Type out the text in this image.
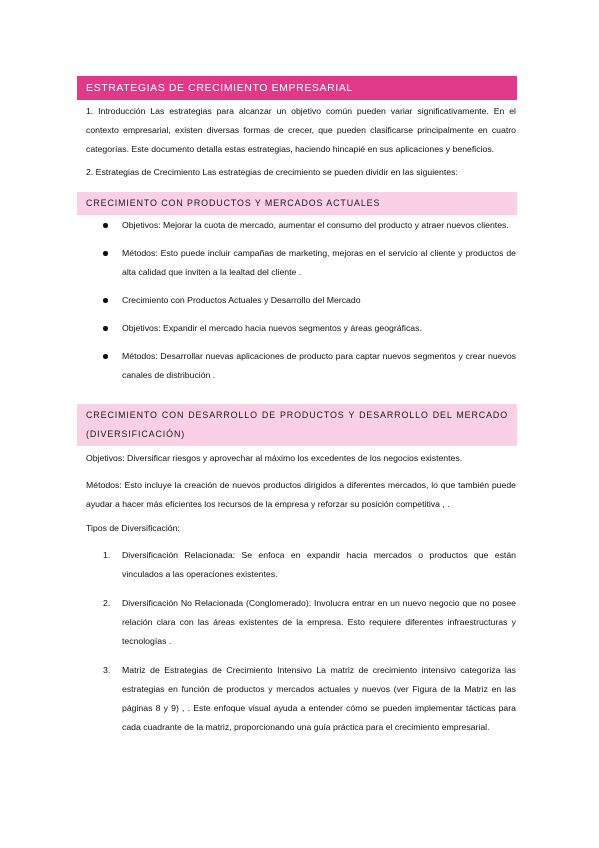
ESTRATEGIAS DE CRECIMIENTO EMPRESARIAL
1. Introducción Las estrategias para alcanzar un objetivo común pueden variar significativamente. En el contexto empresarial, existen diversas formas de crecer, que pueden clasificarse principalmente en cuatro categorías. Este documento detalla estas estrategias, haciendo hincapié en sus aplicaciones y beneficios.
2. Estrategias de Crecimiento Las estrategias de crecimiento se pueden dividir en las siguientes:
CRECIMIENTO CON PRODUCTOS Y MERCADOS ACTUALES
Objetivos: Mejorar la cuota de mercado, aumentar el consumo del producto y atraer nuevos clientes.
Métodos: Esto puede incluir campañas de marketing, mejoras en el servicio al cliente y productos de alta calidad que inviten a la lealtad del cliente .
Crecimiento con Productos Actuales y Desarrollo del Mercado
Objetivos: Expandir el mercado hacia nuevos segmentos y áreas geográficas.
Métodos: Desarrollar nuevas aplicaciones de producto para captar nuevos segmentos y crear nuevos canales de distribución .
CRECIMIENTO CON DESARROLLO DE PRODUCTOS Y DESARROLLO DEL MERCADO (DIVERSIFICACIÓN)
Objetivos: Diversificar riesgos y aprovechar al máximo los excedentes de los negocios existentes.
Métodos: Esto incluye la creación de nuevos productos dirigidos a diferentes mercados, lo que también puede ayudar a hacer más eficientes los recursos de la empresa y reforzar su posición competitiva , .
Tipos de Diversificación:
1. Diversificación Relacionada: Se enfoca en expandir hacia mercados o productos que están vinculados a las operaciones existentes.
2. Diversificación No Relacionada (Conglomerado): Involucra entrar en un nuevo negocio que no posee relación clara con las áreas existentes de la empresa. Esto requiere diferentes infraestructuras y tecnologías .
3. Matriz de Estrategias de Crecimiento Intensivo La matriz de crecimiento intensivo categoriza las estrategias en función de productos y mercados actuales y nuevos (ver Figura de la Matriz en las páginas 8 y 9) , . Este enfoque visual ayuda a entender cómo se pueden implementar tácticas para cada cuadrante de la matriz, proporcionando una guía práctica para el crecimiento empresarial.
